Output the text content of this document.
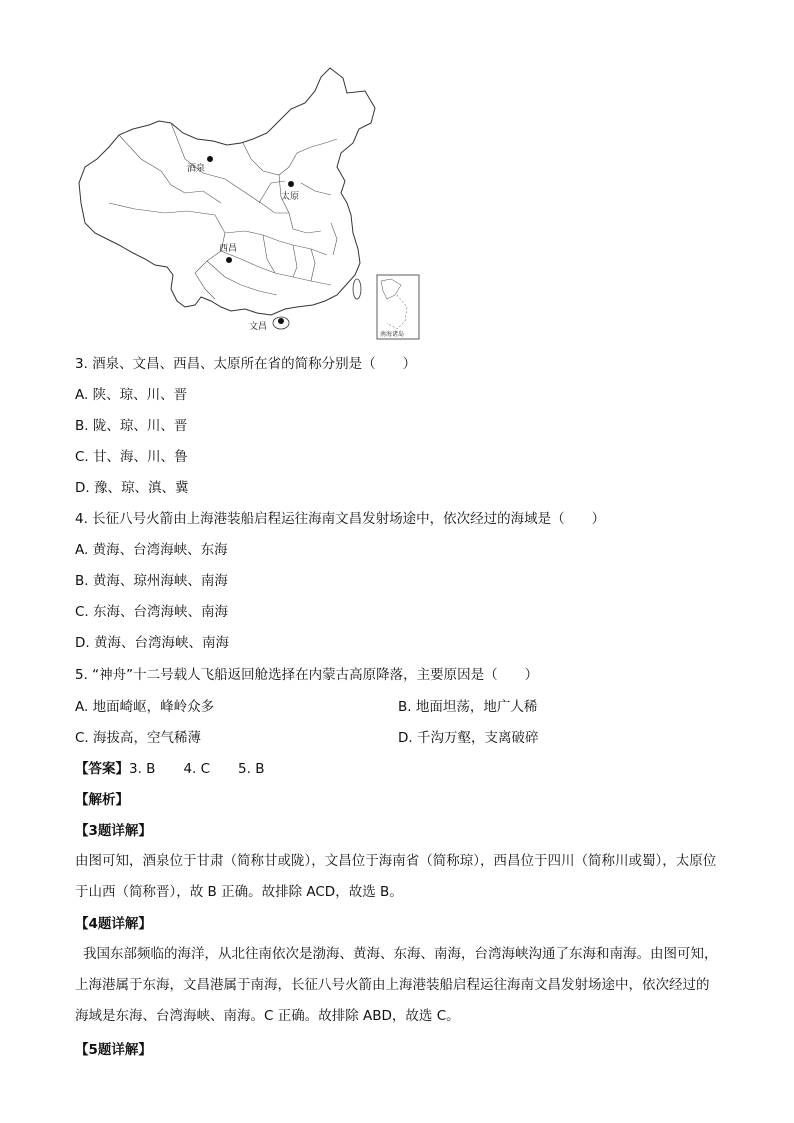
酒泉
太原
西昌
文昌
南海诸岛
3. 酒泉、文昌、西昌、太原所在省的简称分别是（　　）
A. 陕、琼、川、晋
B. 陇、琼、川、晋
C. 甘、海、川、鲁
D. 豫、琼、滇、冀
4. 长征八号火箭由上海港装船启程运往海南文昌发射场途中，依次经过的海域是（　　）
A. 黄海、台湾海峡、东海
B. 黄海、琼州海峡、南海
C. 东海、台湾海峡、南海
D. 黄海、台湾海峡、南海
5. “神舟”十二号载人飞船返回舱选择在内蒙古高原降落，主要原因是（　　）
A. 地面崎岖，峰岭众多	B. 地面坦荡，地广人稀
C. 海拔高，空气稀薄	D. 千沟万壑，支离破碎
【答案】3. B 4. C 5. B
【解析】
【3题详解】
由图可知，酒泉位于甘肃（简称甘或陇），文昌位于海南省（简称琼），西昌位于四川（简称川或蜀），太原位于山西（简称晋），故 B 正确。故排除 ACD，故选 B。
【4题详解】
我国东部频临的海洋，从北往南依次是渤海、黄海、东海、南海，台湾海峡沟通了东海和南海。由图可知，上海港属于东海，文昌港属于南海，长征八号火箭由上海港装船启程运往海南文昌发射场途中，依次经过的海域是东海、台湾海峡、南海。C 正确。故排除 ABD，故选 C。
【5题详解】
